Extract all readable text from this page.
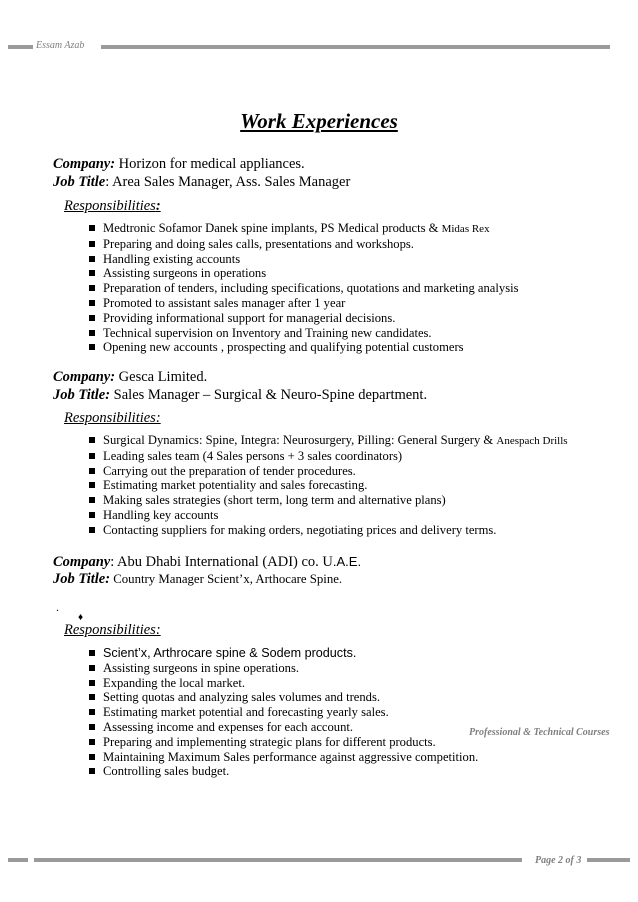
Essam Azab
Work Experiences
Company: Horizon for medical appliances.
Job Title: Area Sales Manager, Ass. Sales Manager
Responsibilities:
Medtronic Sofamor Danek spine implants, PS Medical products & Midas Rex
Preparing and doing sales calls, presentations and workshops.
Handling existing accounts
Assisting surgeons in operations
Preparation of tenders, including specifications, quotations and marketing analysis
Promoted to assistant sales manager after 1 year
Providing informational support for managerial decisions.
Technical supervision on Inventory and Training new candidates.
Opening new accounts , prospecting and qualifying potential customers
Company: Gesca Limited.
Job Title: Sales Manager – Surgical & Neuro-Spine department.
Responsibilities:
Surgical Dynamics: Spine, Integra: Neurosurgery, Pilling: General Surgery & Anespach Drills
Leading sales team (4 Sales persons + 3 sales coordinators)
Carrying out the preparation of tender procedures.
Estimating market potentiality and sales forecasting.
Making sales strategies (short term, long term and alternative plans)
Handling key accounts
Contacting suppliers for making orders, negotiating prices and delivery terms.
Company: Abu Dhabi International (ADI) co. U.A.E.
Job Title: Country Manager Scient’x, Arthocare Spine.
.
♦
Responsibilities:
Scient’x, Arthrocare spine & Sodem products.
Assisting surgeons in spine operations.
Expanding the local market.
Setting quotas and analyzing sales volumes and trends.
Estimating market potential and forecasting yearly sales.
Assessing income and expenses for each account.
Preparing and implementing strategic plans for different products.
Maintaining Maximum Sales performance against aggressive competition.
Controlling sales budget.
Professional & Technical Courses
Page 2 of 3
